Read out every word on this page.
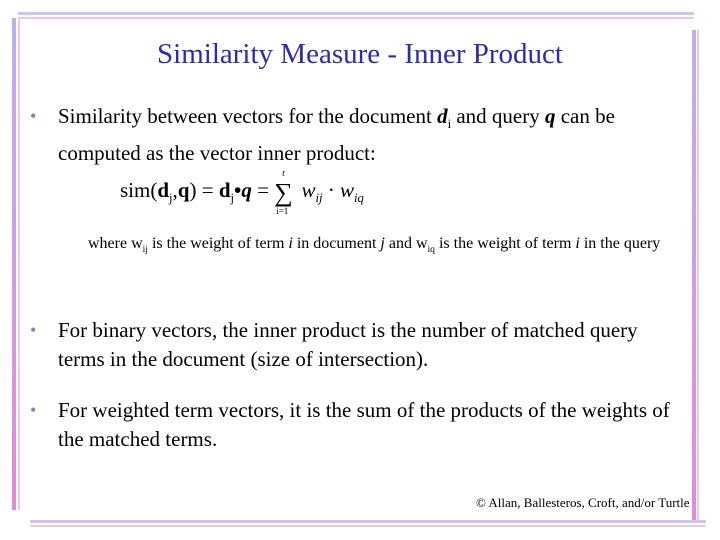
Similarity Measure - Inner Product
•	Similarity between vectors for the document $d_i$ and query q can be computed as the vector inner product:
$sim(d_j,q)$ = $d_j•q$ =
t
∑
i=1
$w_{ij} \cdot w_{iq}$
where $w_{ij}$ is the weight of term i in document j and $w_{iq}$ is the weight of term i in the query
•	For binary vectors, the inner product is the number of matched query terms in the document (size of intersection).
•	For weighted term vectors, it is the sum of the products of the weights of the matched terms.
© Allan, Ballesteros, Croft, and/or Turtle
